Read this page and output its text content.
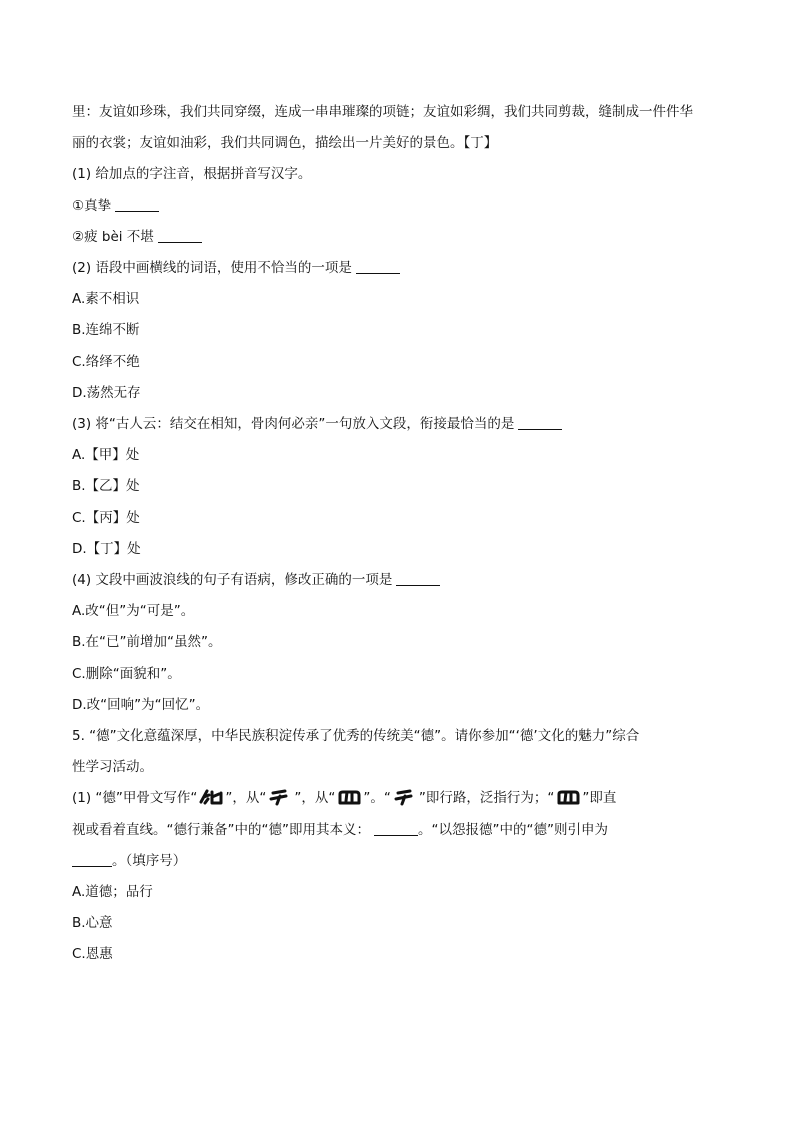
里：友谊如珍珠，我们共同穿缀，连成一串串璀璨的项链；友谊如彩绸，我们共同剪裁，缝制成一件件华
丽的衣裳；友谊如油彩，我们共同调色，描绘出一片美好的景色。【丁】
(1) 给加点的字注音，根据拼音写汉字。
①真挚
②疲 bèi 不堪
(2) 语段中画横线的词语，使用不恰当的一项是
A.素不相识
B.连绵不断
C.络绎不绝
D.荡然无存
(3) 将“古人云：结交在相知，骨肉何必亲”一句放入文段，衔接最恰当的是
A.【甲】处
B.【乙】处
C.【丙】处
D.【丁】处
(4) 文段中画波浪线的句子有语病，修改正确的一项是
A.改“但”为“可是”。
B.在“已”前增加“虽然”。
C.删除“面貌和”。
D.改“回响”为“回忆”。
5. “德”文化意蕴深厚，中华民族积淀传承了优秀的传统美“德”。请你参加“‘德’文化的魅力”综合
性学习活动。
(1) “德”甲骨文写作“ ”，从“ ”，从“ ”。“ ”即行路，泛指行为；“ ”即直
视或看着直线。“德行兼备”中的“德”即用其本义：	。“以怨报德”中的“德”则引申为
。（填序号）
A.道德；品行
B.心意
C.恩惠
